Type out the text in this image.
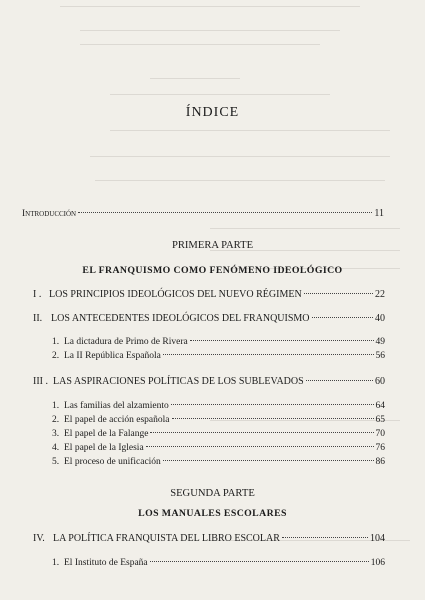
ÍNDICE
Introducción	11
PRIMERA PARTE
EL FRANQUISMO COMO FENÓMENO IDEOLÓGICO
I . LOS PRINCIPIOS IDEOLÓGICOS DEL NUEVO RÉGIMEN	22
II. LOS ANTECEDENTES IDEOLÓGICOS DEL FRANQUISMO	40
1. La dictadura de Primo de Rivera	49
2. La II República Española	56
III . LAS ASPIRACIONES POLÍTICAS DE LOS SUBLEVADOS	60
1. Las familias del alzamiento	64
2. El papel de acción española	65
3. El papel de la Falange	70
4. El papel de la Iglesia	76
5. El proceso de unificación	86
SEGUNDA PARTE
LOS MANUALES ESCOLARES
IV. LA POLÍTICA FRANQUISTA DEL LIBRO ESCOLAR	104
1. El Instituto de España	106
